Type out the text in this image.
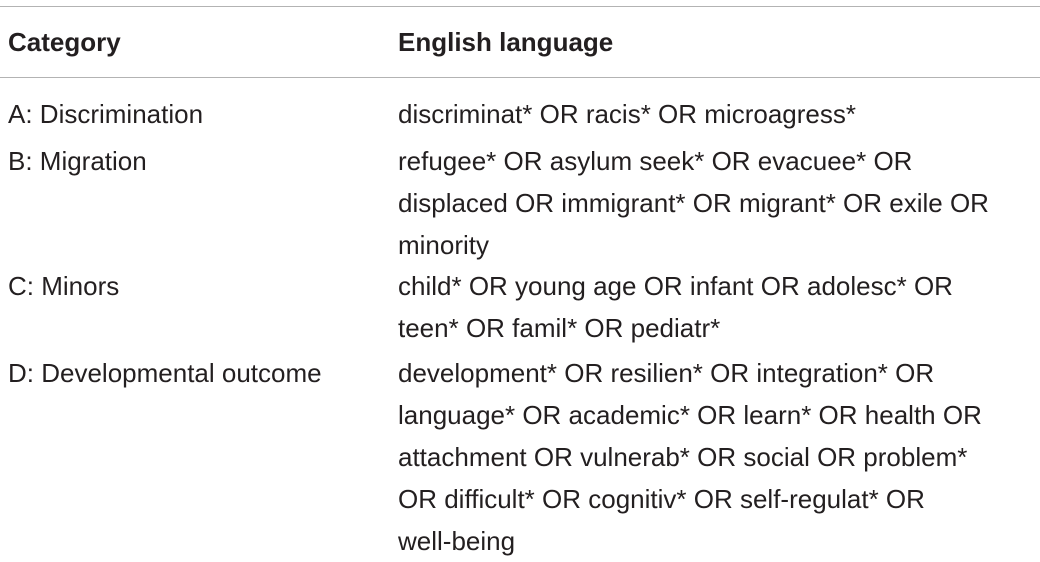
Category	English language
A: Discrimination	discriminat* OR racis* OR microagress*
B: Migration	refugee* OR asylum seek* OR evacuee* OR
displaced OR immigrant* OR migrant* OR exile OR
minority
C: Minors	child* OR young age OR infant OR adolesc* OR
teen* OR famil* OR pediatr*
D: Developmental outcome	development* OR resilien* OR integration* OR
language* OR academic* OR learn* OR health OR
attachment OR vulnerab* OR social OR problem*
OR difficult* OR cognitiv* OR self-regulat* OR
well-being
